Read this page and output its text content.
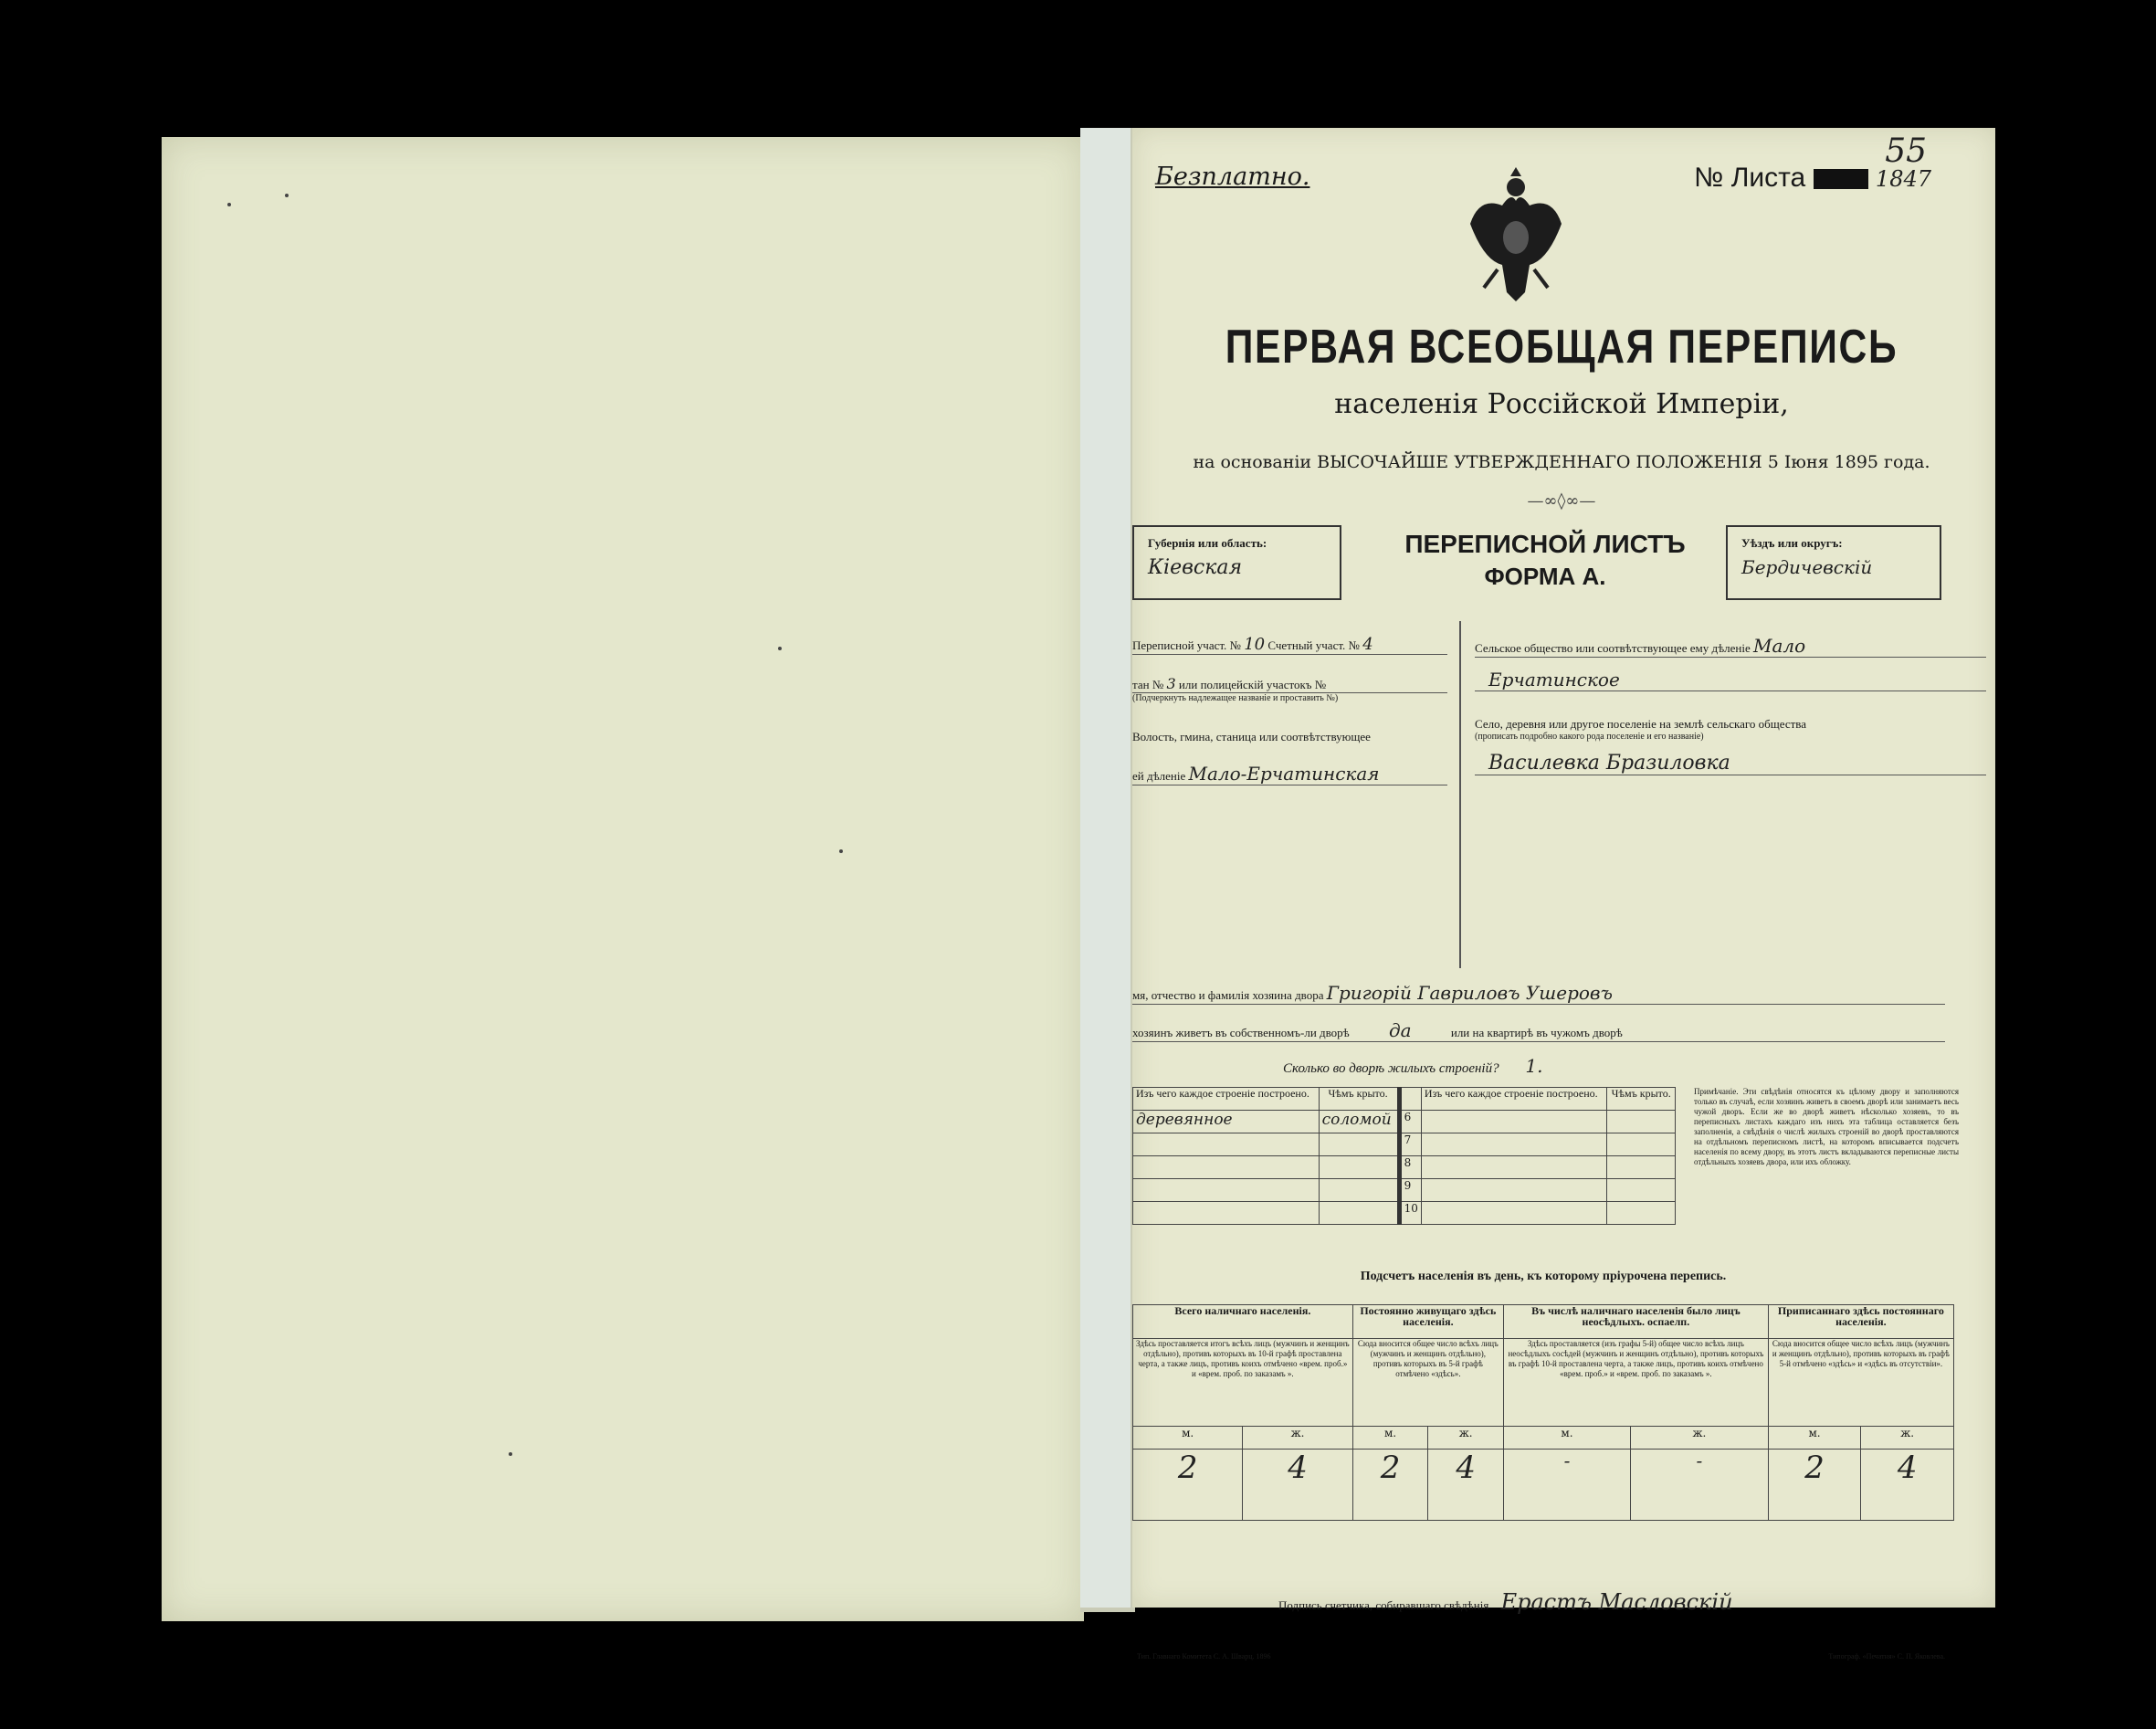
Безплатно.
55
№ Листа	1847
ПЕРВАЯ ВСЕОБЩАЯ ПЕРЕПИСЬ
населенія Россійской Имперіи,
на основаніи ВЫСОЧАЙШЕ УТВЕРЖДЕННАГО ПОЛОЖЕНІЯ 5 Іюня 1895 года.
—∞◊∞—
Губернія или область:
Кіевская
ПЕРЕПИСНОЙ ЛИСТЪ
ФОРМА А.
Уѣздъ или округъ:
Бердичевскій
Переписной участ. № 10 Счетный участ. № 4
тан № 3 или полицейскій участокъ №
(Подчеркнуть надлежащее названіе и проставить №)
Волость, гмина, станица или соотвѣтствующее
ей дѣленіе Мало-Ерчатинская
Сельское общество или соотвѣтствующее ему дѣленіе Мало
Ерчатинское
Село, деревня или другое поселеніе на землѣ сельскаго общества
(прописать подробно какого рода поселеніе и его названіе)
Василевка Бразиловка
мя, отчество и фамилія хозяина двора Григорій Гавриловъ Ушеровъ
хозяинъ живетъ въ собственномъ-ли дворѣ да	или на квартирѣ въ чужомъ дворѣ
Сколько во дворѣ жилыхъ строеній? 1.
Изъ чего каждое строеніе построено.	Чѣмъ крыто.		Изъ чего каждое строеніе построено.	Чѣмъ крыто.
деревянное	соломой	6		
		7		
		8		
		9		
		10		
Примѣчаніе. Эти свѣдѣнія относятся къ цѣлому двору и заполняются только въ случаѣ, если хозяинъ живетъ в своемъ дворѣ или занимаетъ весь чужой дворъ. Если же во дворѣ живетъ нѣсколько хозяевъ, то въ переписныхъ листахъ каждаго изъ нихъ эта таблица оставляется безъ заполненія, а свѣдѣнія о числѣ жилыхъ строеній во дворѣ проставляются на отдѣльномъ переписномъ листѣ, на которомъ вписывается подсчетъ населенія по всему двору, въ этотъ листъ вкладываются переписные листы отдѣльныхъ хозяевъ двора, или ихъ обложку.
Подсчетъ населенія въ день, къ которому пріурочена перепись.
Всего наличнаго населенія.		Постоянно живущаго здѣсь населенія.		Въ числѣ наличнаго населенія было лицъ неосѣдлыхъ. оспаелп.		Приписаннаго здѣсь постояннаго населенія.	
Здѣсь проставляется итогъ всѣхъ лицъ (мужчинъ и женщинъ отдѣльно), противъ которыхъ въ 10-й графѣ проставлена черта, а также лицъ, противъ коихъ отмѣчено «врем. проб.» и «врем. проб. по заказамъ ».		Сюда вносится общее число всѣхъ лицъ (мужчинъ и женщинъ отдѣльно), противъ которыхъ въ 5-й графѣ отмѣчено «здѣсь».		Здѣсь проставляется (изъ графы 5-й) общее число всѣхъ лицъ неосѣдлыхъ сосѣдей (мужчинъ и женщинъ отдѣльно), противъ которыхъ въ графѣ 10-й проставлена черта, а также лицъ, противъ коихъ отмѣчено «врем. проб.» и «врем. проб. по заказамъ ».		Сюда вносится общее число всѣхъ лицъ (мужчинъ и женщинъ отдѣльно), противъ которыхъ въ графѣ 5-й отмѣчено «здѣсь» и «здѣсь въ отсутствіи».	
м.	ж.	м.	ж.	м.	ж.	м.	ж.
2	4	2	4	-	-	2	4
Подпись счетчика, собиравшаго свѣдѣнія Ерастъ Масловскій
Тип. Главнаго Комитета С. А. Шварц. 1896	Типограф. «Печатня» С. П. Яковлева.
